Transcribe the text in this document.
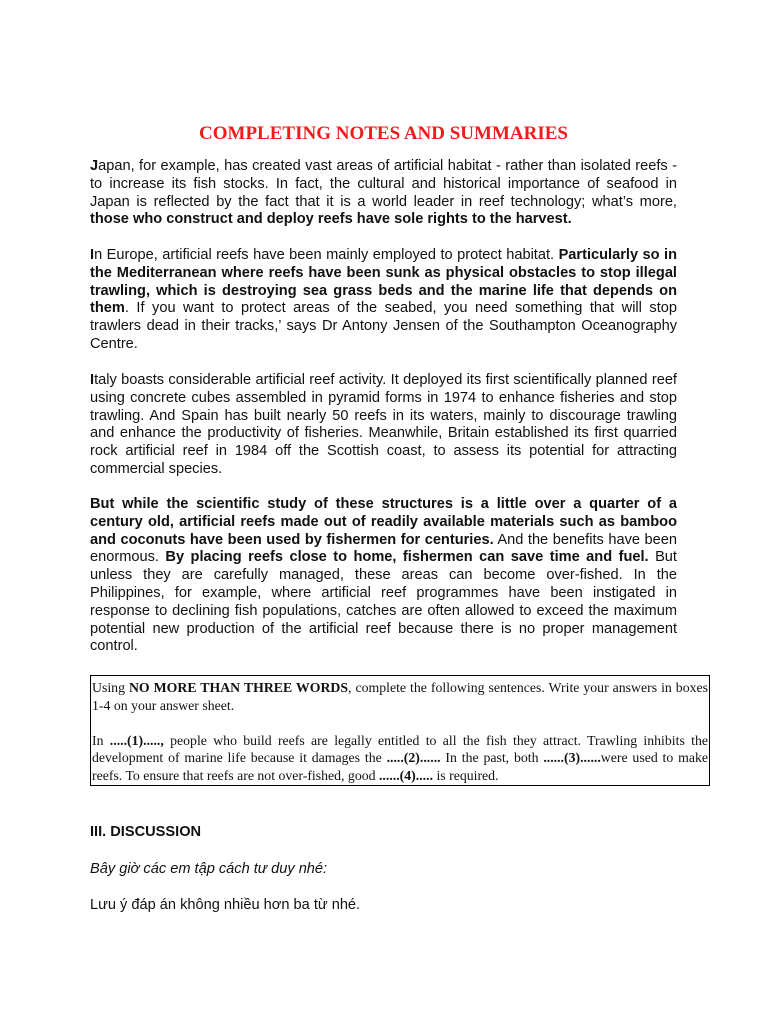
COMPLETING NOTES AND SUMMARIES

Japan, for example, has created vast areas of artificial habitat - rather than isolated reefs - to increase its fish stocks. In fact, the cultural and historical importance of seafood in Japan is reflected by the fact that it is a world leader in reef technology; what’s more, those who construct and deploy reefs have sole rights to the harvest.

In Europe, artificial reefs have been mainly employed to protect habitat. Particularly so in the Mediterranean where reefs have been sunk as physical obstacles to stop illegal trawling, which is destroying sea grass beds and the marine life that depends on them. If you want to protect areas of the seabed, you need something that will stop trawlers dead in their tracks,’ says Dr Antony Jensen of the Southampton Oceanography Centre.

Italy boasts considerable artificial reef activity. It deployed its first scientifically planned reef using concrete cubes assembled in pyramid forms in 1974 to enhance fisheries and stop trawling. And Spain has built nearly 50 reefs in its waters, mainly to discourage trawling and enhance the productivity of fisheries. Meanwhile, Britain established its first quarried rock artificial reef in 1984 off the Scottish coast, to assess its potential for attracting commercial species.

But while the scientific study of these structures is a little over a quarter of a century old, artificial reefs made out of readily available materials such as bamboo and coconuts have been used by fishermen for centuries. And the benefits have been enormous. By placing reefs close to home, fishermen can save time and fuel. But unless they are carefully managed, these areas can become over-fished. In the Philippines, for example, where artificial reef programmes have been instigated in response to declining fish populations, catches are often allowed to exceed the maximum potential new production of the artificial reef because there is no proper management control.

Using NO MORE THAN THREE WORDS, complete the following sentences. Write your answers in boxes 1-4 on your answer sheet.

In .....(1)....., people who build reefs are legally entitled to all the fish they attract. Trawling inhibits the development of marine life because it damages the .....(2)...... In the past, both ......(3)......were used to make reefs. To ensure that reefs are not over-fished, good ......(4)..... is required.

III. DISCUSSION

Bây giờ các em tập cách tư duy nhé:

Lưu ý đáp án không nhiều hơn ba từ nhé.
